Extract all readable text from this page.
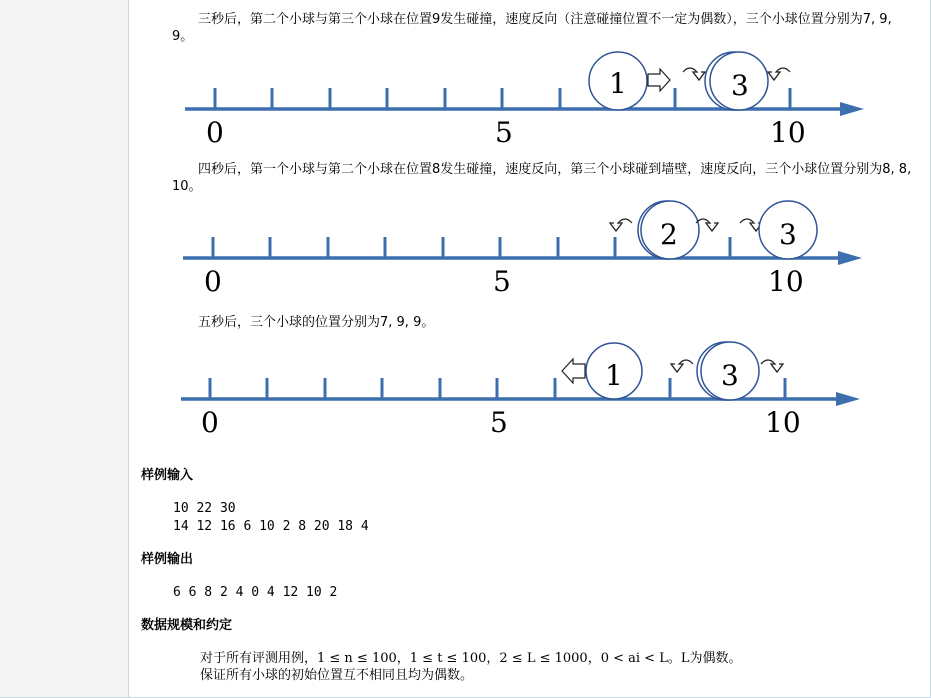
三秒后，第二个小球与第三个小球在位置9发生碰撞，速度反向（注意碰撞位置不一定为偶数），三个小球位置分别为7, 9, 9。
0	5	10
1	3
四秒后，第一个小球与第二个小球在位置8发生碰撞，速度反向，第三个小球碰到墙壁，速度反向，三个小球位置分别为8, 8, 10。
0	5	10
2	3
五秒后，三个小球的位置分别为7, 9, 9。
0	5	10
1	3
样例输入
10 22 30
14 12 16 6 10 2 8 20 18 4
样例输出
6 6 8 2 4 0 4 12 10 2
数据规模和约定
对于所有评测用例，1 ≤ n ≤ 100，1 ≤ t ≤ 100，2 ≤ L ≤ 1000，0 < ai < L。L为偶数。
保证所有小球的初始位置互不相同且均为偶数。
